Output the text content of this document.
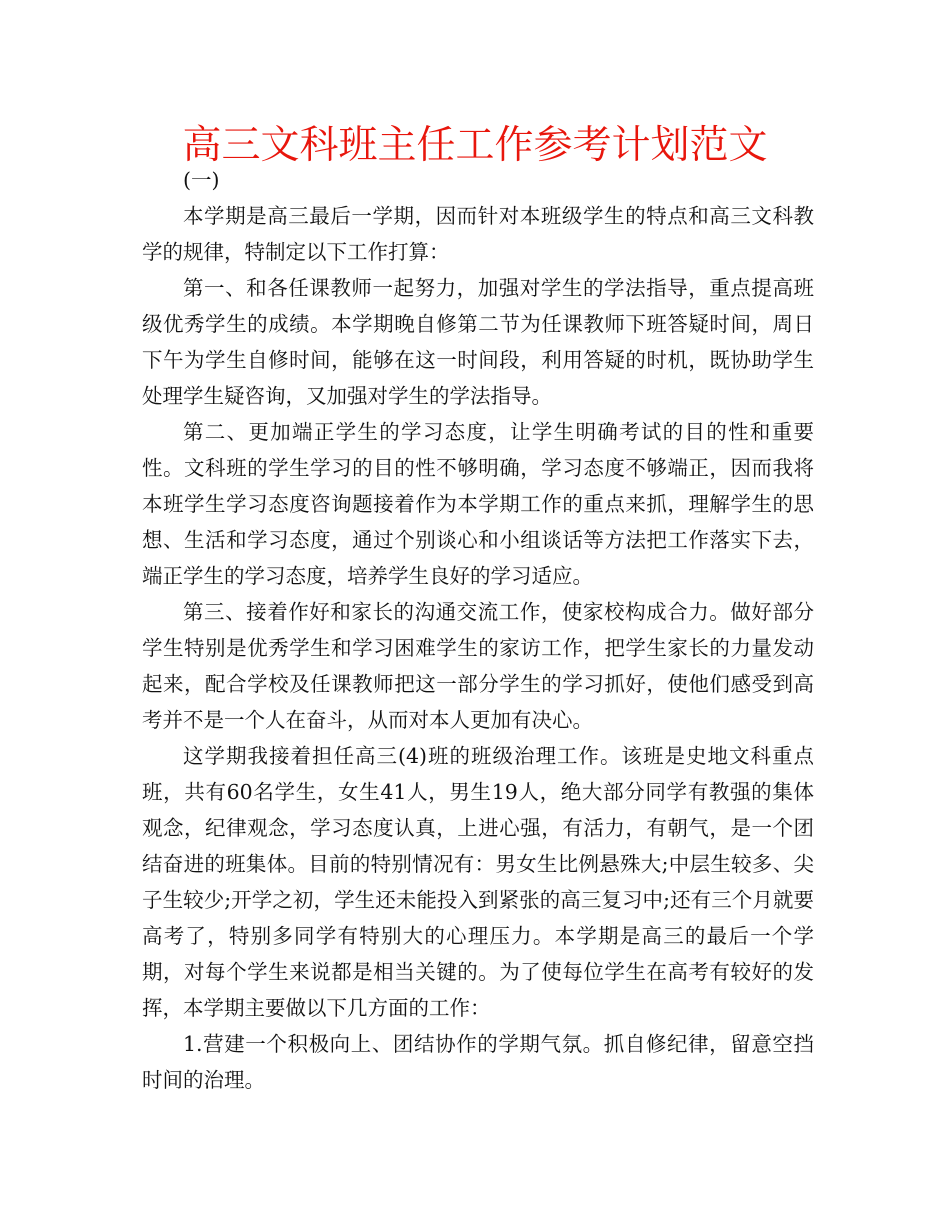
高三文科班主任工作参考计划范文

(一)

本学期是高三最后一学期，因而针对本班级学生的特点和高三文科教学的规律，特制定以下工作打算：

第一、和各任课教师一起努力，加强对学生的学法指导，重点提高班级优秀学生的成绩。本学期晚自修第二节为任课教师下班答疑时间，周日下午为学生自修时间，能够在这一时间段，利用答疑的时机，既协助学生处理学生疑咨询，又加强对学生的学法指导。

第二、更加端正学生的学习态度，让学生明确考试的目的性和重要性。文科班的学生学习的目的性不够明确，学习态度不够端正，因而我将本班学生学习态度咨询题接着作为本学期工作的重点来抓，理解学生的思想、生活和学习态度，通过个别谈心和小组谈话等方法把工作落实下去，端正学生的学习态度，培养学生良好的学习适应。

第三、接着作好和家长的沟通交流工作，使家校构成合力。做好部分学生特别是优秀学生和学习困难学生的家访工作，把学生家长的力量发动起来，配合学校及任课教师把这一部分学生的学习抓好，使他们感受到高考并不是一个人在奋斗，从而对本人更加有决心。

这学期我接着担任高三(4)班的班级治理工作。该班是史地文科重点班，共有60名学生，女生41人，男生19人，绝大部分同学有教强的集体观念，纪律观念，学习态度认真，上进心强，有活力，有朝气，是一个团结奋进的班集体。目前的特别情况有：男女生比例悬殊大;中层生较多、尖子生较少;开学之初，学生还未能投入到紧张的高三复习中;还有三个月就要高考了，特别多同学有特别大的心理压力。本学期是高三的最后一个学期，对每个学生来说都是相当关键的。为了使每位学生在高考有较好的发挥，本学期主要做以下几方面的工作：

1.营建一个积极向上、团结协作的学期气氛。抓自修纪律，留意空挡时间的治理。
